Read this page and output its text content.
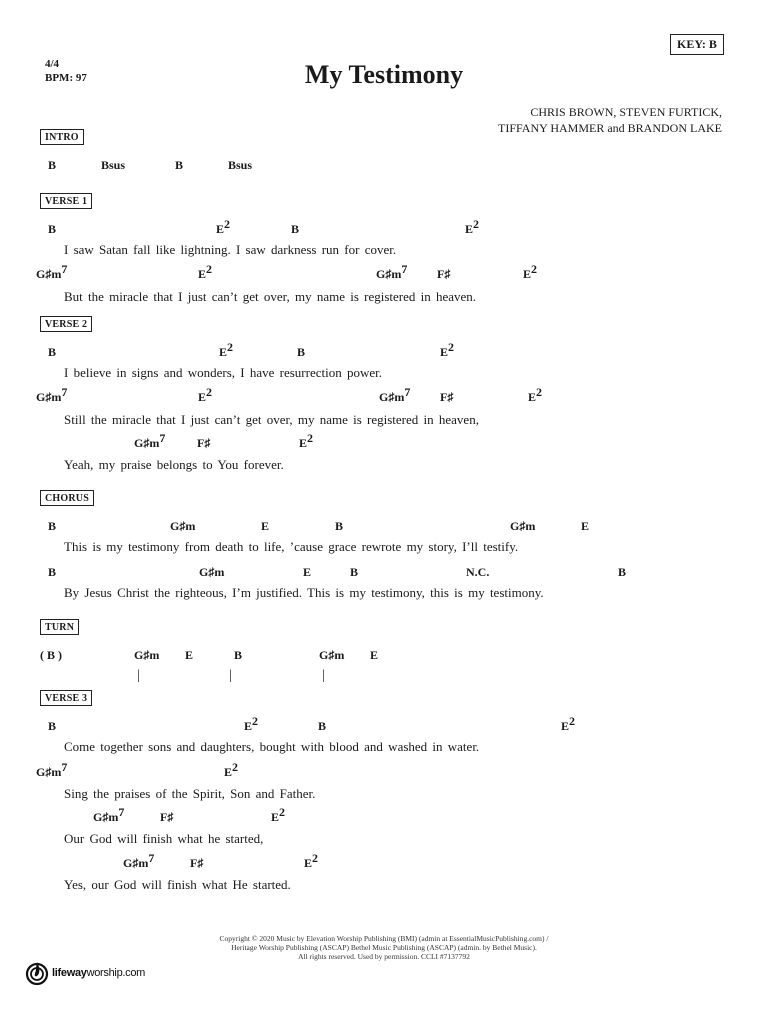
4/4
BPM: 97	My Testimony
KEY: B
CHRIS BROWN, STEVEN FURTICK,
TIFFANY HAMMER and BRANDON LAKE
INTRO
B	Bsus	B	Bsus
VERSE 1
B	$E^2$	B	$E^2$
I saw Satan fall like lightning. I saw darkness run for cover.
$G♯m^7$	$E^2$	$G♯m^7$ F♯	$E^2$
But the miracle that I just can’t get over, my name is registered in heaven.
VERSE 2
B	$E^2$	B	$E^2$
I believe in signs and wonders, I have resurrection power.
$G♯m^7$	$E^2$	$G♯m^7$ F♯	$E^2$
Still the miracle that I just can’t get over, my name is registered in heaven,
$G♯m^7$	F♯	$E^2$
Yeah, my praise belongs to You forever.
CHORUS
B	G♯m	E	B	G♯m	E
This is my testimony from death to life, ’cause grace rewrote my story, I’ll testify.
B	G♯m	E	B	N.C.	B
By Jesus Christ the righteous, I’m justified. This is my testimony, this is my testimony.
TURN
( B )	G♯m E	B	G♯m E
|	|	|
VERSE 3
B	$E^2$	B	$E^2$
Come together sons and daughters, bought with blood and washed in water.
$G♯m^7$	$E^2$
Sing the praises of the Spirit, Son and Father.
$G♯m^7$	F♯	$E^2$
Our God will finish what he started,
$G♯m^7$	F♯	$E^2$
Yes, our God will finish what He started.
Copyright © 2020 Music by Elevation Worship Publishing (BMI) (admin at EssentialMusicPublishing.com) /
Heritage Worship Publishing (ASCAP) Bethel Music Publishing (ASCAP) (admin. by Bethel Music).
All rights reserved. Used by permission. CCLI #7137792
lifewayworship.com
